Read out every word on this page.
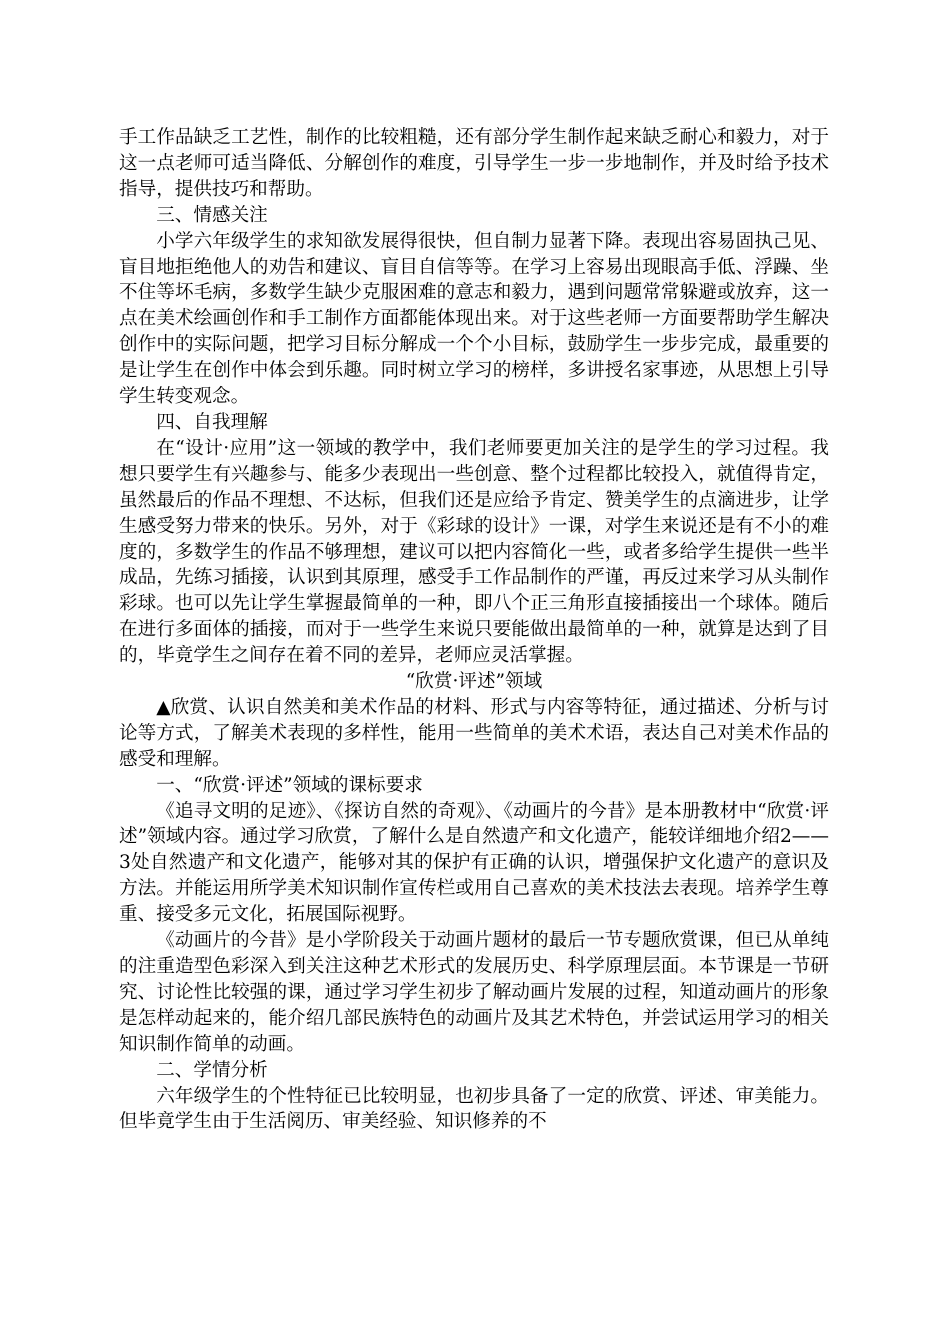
手工作品缺乏工艺性，制作的比较粗糙，还有部分学生制作起来缺乏耐心和毅力，对于这一点老师可适当降低、分解创作的难度，引导学生一步一步地制作，并及时给予技术指导，提供技巧和帮助。

三、情感关注

小学六年级学生的求知欲发展得很快，但自制力显著下降。表现出容易固执己见、盲目地拒绝他人的劝告和建议、盲目自信等等。在学习上容易出现眼高手低、浮躁、坐不住等坏毛病，多数学生缺少克服困难的意志和毅力，遇到问题常常躲避或放弃，这一点在美术绘画创作和手工制作方面都能体现出来。对于这些老师一方面要帮助学生解决创作中的实际问题，把学习目标分解成一个个小目标，鼓励学生一步步完成，最重要的是让学生在创作中体会到乐趣。同时树立学习的榜样，多讲授名家事迹，从思想上引导学生转变观念。

四、自我理解

在“设计·应用”这一领域的教学中，我们老师要更加关注的是学生的学习过程。我想只要学生有兴趣参与、能多少表现出一些创意、整个过程都比较投入，就值得肯定，虽然最后的作品不理想、不达标，但我们还是应给予肯定、赞美学生的点滴进步，让学生感受努力带来的快乐。另外，对于《彩球的设计》一课，对学生来说还是有不小的难度的，多数学生的作品不够理想，建议可以把内容简化一些，或者多给学生提供一些半成品，先练习插接，认识到其原理，感受手工作品制作的严谨，再反过来学习从头制作彩球。也可以先让学生掌握最简单的一种，即八个正三角形直接插接出一个球体。随后在进行多面体的插接，而对于一些学生来说只要能做出最简单的一种，就算是达到了目的，毕竟学生之间存在着不同的差异，老师应灵活掌握。

“欣赏·评述”领域

▲欣赏、认识自然美和美术作品的材料、形式与内容等特征，通过描述、分析与讨论等方式，了解美术表现的多样性，能用一些简单的美术术语，表达自己对美术作品的感受和理解。

一、“欣赏·评述”领域的课标要求

《追寻文明的足迹》、《探访自然的奇观》、《动画片的今昔》是本册教材中“欣赏·评述”领域内容。通过学习欣赏，了解什么是自然遗产和文化遗产，能较详细地介绍2——3处自然遗产和文化遗产，能够对其的保护有正确的认识，增强保护文化遗产的意识及方法。并能运用所学美术知识制作宣传栏或用自己喜欢的美术技法去表现。培养学生尊重、接受多元文化，拓展国际视野。

《动画片的今昔》是小学阶段关于动画片题材的最后一节专题欣赏课，但已从单纯的注重造型色彩深入到关注这种艺术形式的发展历史、科学原理层面。本节课是一节研究、讨论性比较强的课，通过学习学生初步了解动画片发展的过程，知道动画片的形象是怎样动起来的，能介绍几部民族特色的动画片及其艺术特色，并尝试运用学习的相关知识制作简单的动画。

二、学情分析

六年级学生的个性特征已比较明显，也初步具备了一定的欣赏、评述、审美能力。但毕竟学生由于生活阅历、审美经验、知识修养的不
